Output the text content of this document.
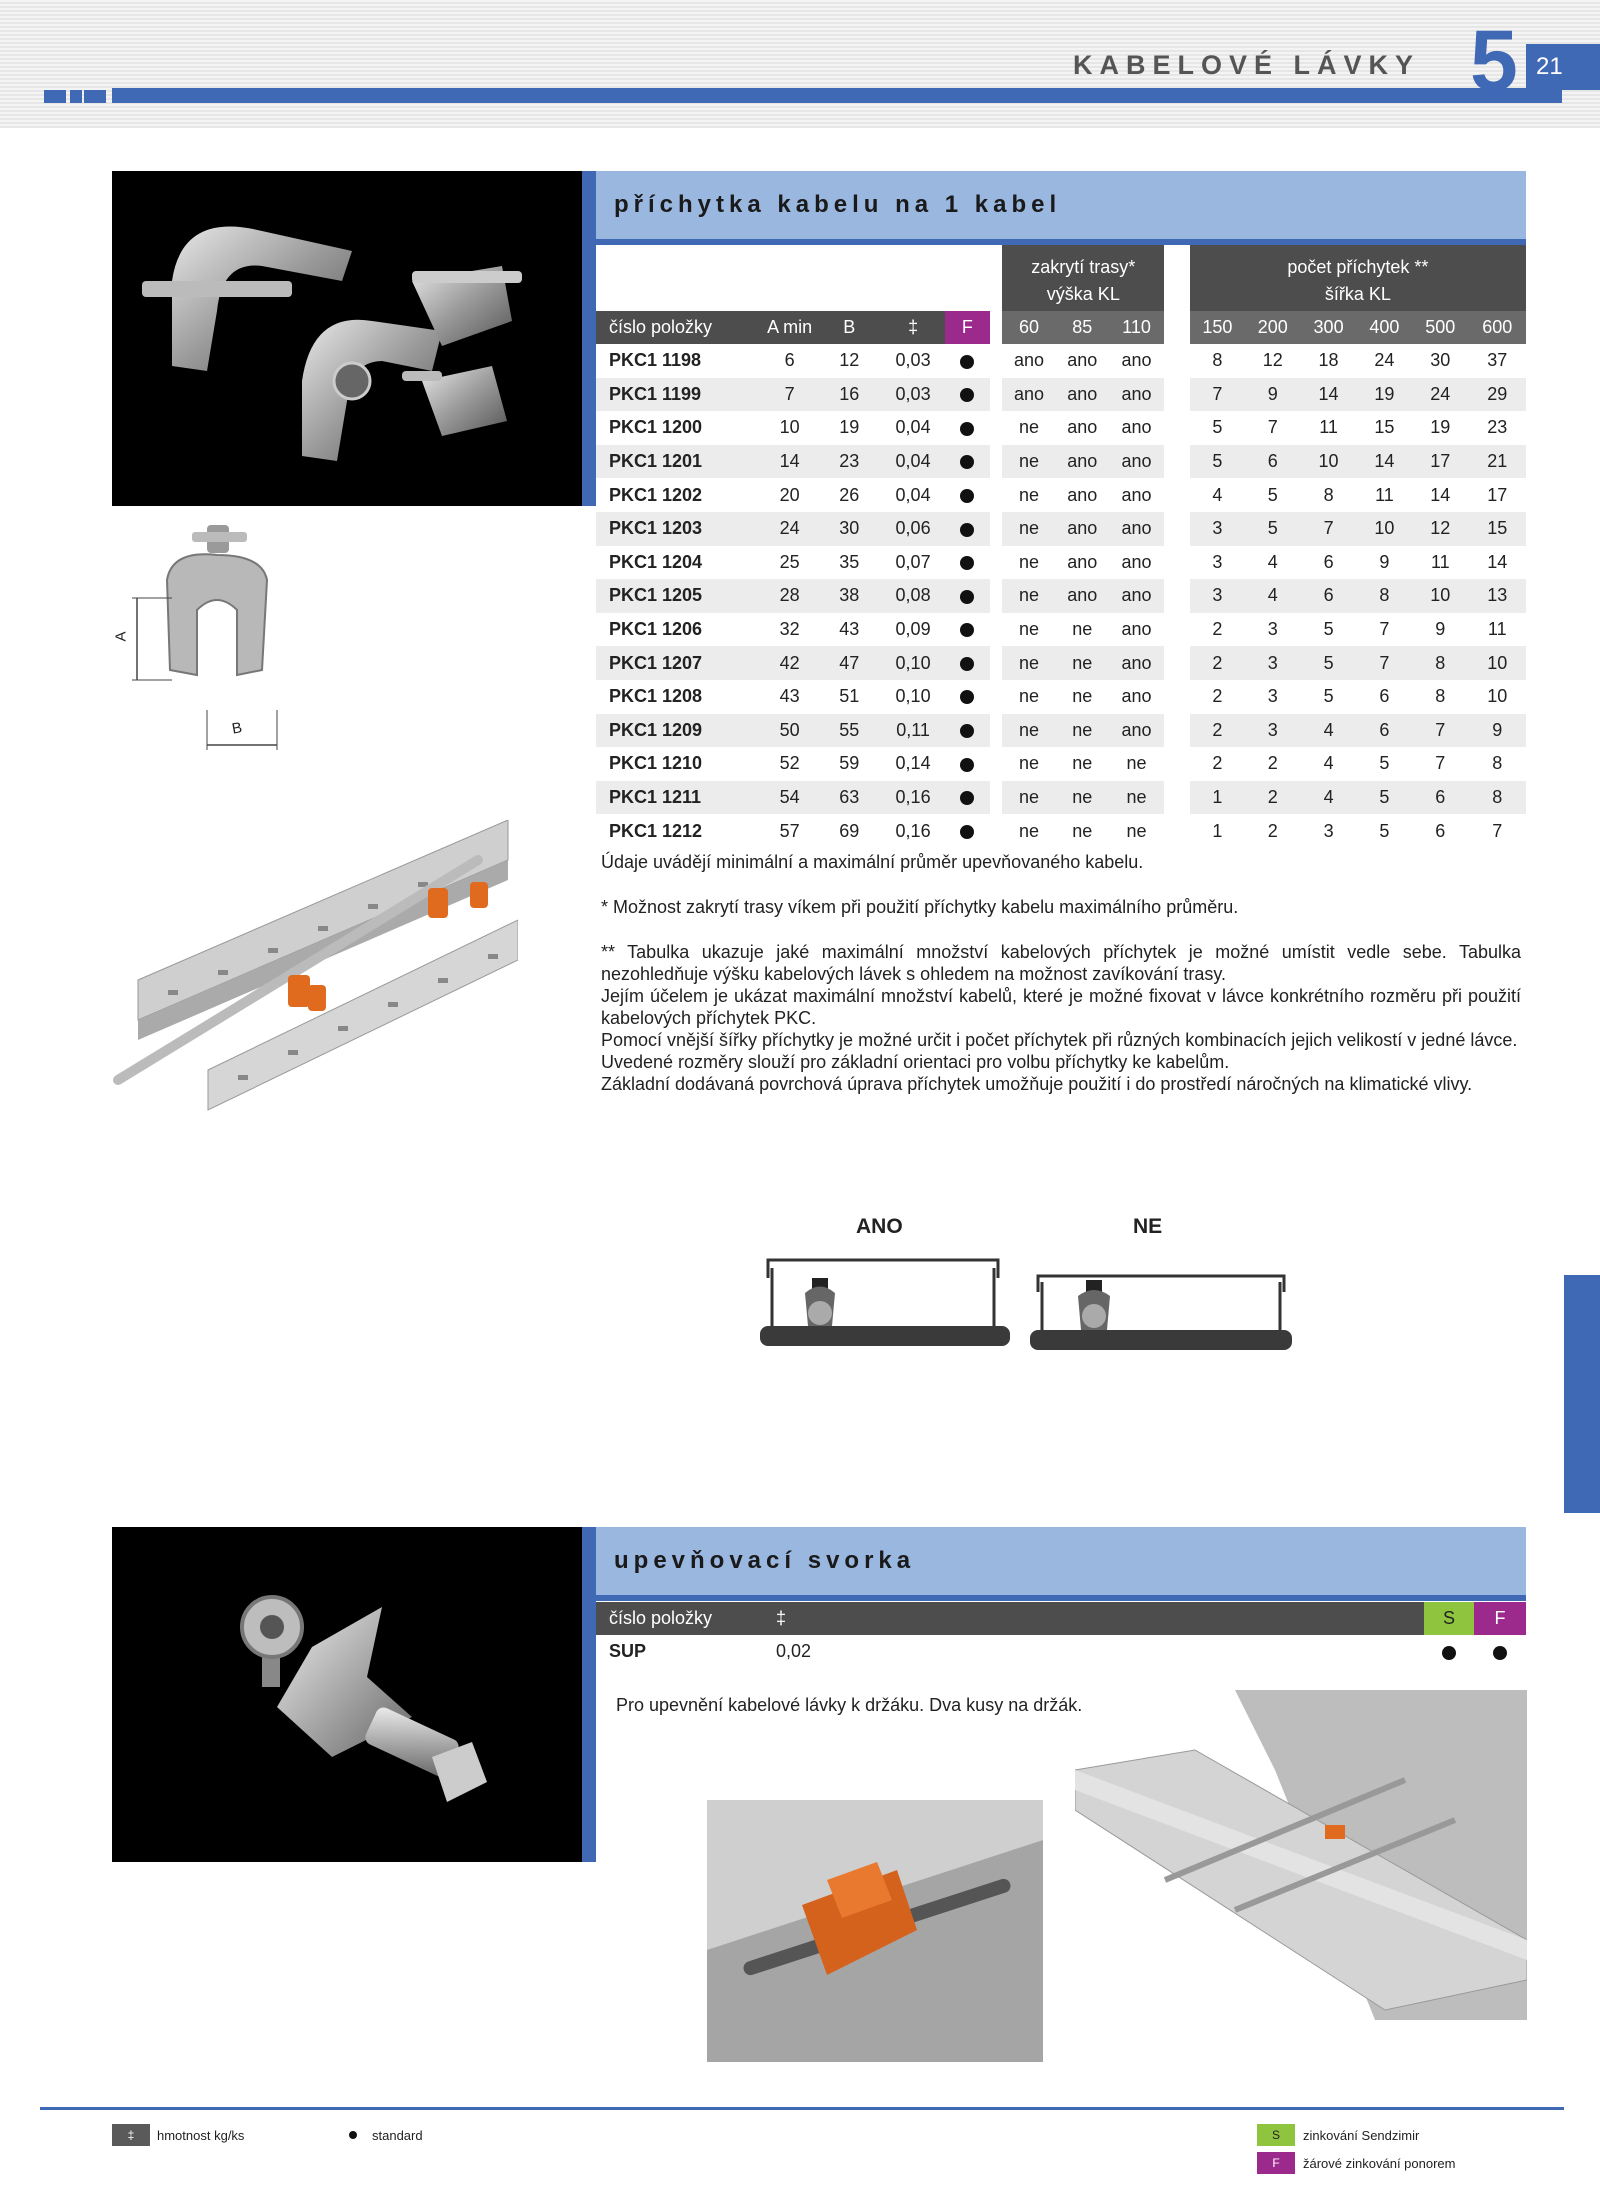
KABELOVÉ LÁVKY 5 21
A
B
příchytka kabelu na 1 kabel
						zakrytí trasy*				počet příchytek **					
						výška KL				šířka KL					
číslo položky	A min	B	‡	F		60	85	110		150	200	300	400	500	600
PKC1 1198	6	12	0,03			ano	ano	ano		8	12	18	24	30	37
PKC1 1199	7	16	0,03			ano	ano	ano		7	9	14	19	24	29
PKC1 1200	10	19	0,04			ne	ano	ano		5	7	11	15	19	23
PKC1 1201	14	23	0,04			ne	ano	ano		5	6	10	14	17	21
PKC1 1202	20	26	0,04			ne	ano	ano		4	5	8	11	14	17
PKC1 1203	24	30	0,06			ne	ano	ano		3	5	7	10	12	15
PKC1 1204	25	35	0,07			ne	ano	ano		3	4	6	9	11	14
PKC1 1205	28	38	0,08			ne	ano	ano		3	4	6	8	10	13
PKC1 1206	32	43	0,09			ne	ne	ano		2	3	5	7	9	11
PKC1 1207	42	47	0,10			ne	ne	ano		2	3	5	7	8	10
PKC1 1208	43	51	0,10			ne	ne	ano		2	3	5	6	8	10
PKC1 1209	50	55	0,11			ne	ne	ano		2	3	4	6	7	9
PKC1 1210	52	59	0,14			ne	ne	ne		2	2	4	5	7	8
PKC1 1211	54	63	0,16			ne	ne	ne		1	2	4	5	6	8
PKC1 1212	57	69	0,16			ne	ne	ne		1	2	3	5	6	7
Údaje uvádějí minimální a maximální průměr upevňovaného kabelu.
* Možnost zakrytí trasy víkem při použití příchytky kabelu maximálního průměru.
** Tabulka ukazuje jaké maximální množství kabelových příchytek je možné umístit vedle sebe. Tabulka nezohledňuje výšku kabelových lávek s ohledem na možnost zavíkování trasy.
Jejím účelem je ukázat maximální množství kabelů, které je možné fixovat v lávce konkrétního rozměru při použití kabelových příchytek PKC.
Pomocí vnější šířky příchytky je možné určit i počet příchytek při různých kombinacích jejich velikostí v jedné lávce.
Uvedené rozměry slouží pro základní orientaci pro volbu příchytky ke kabelům.
Základní dodávaná povrchová úprava příchytek umožňuje použití i do prostředí náročných na klimatické vlivy.
ANO	NE
upevňovací svorka
číslo položky	‡		S	F
SUP	0,02			
Pro upevnění kabelové lávky k držáku. Dva kusy na držák.
‡	hmotnost kg/ks	standard	S	zinkování Sendzimir
F	žárové zinkování ponorem
